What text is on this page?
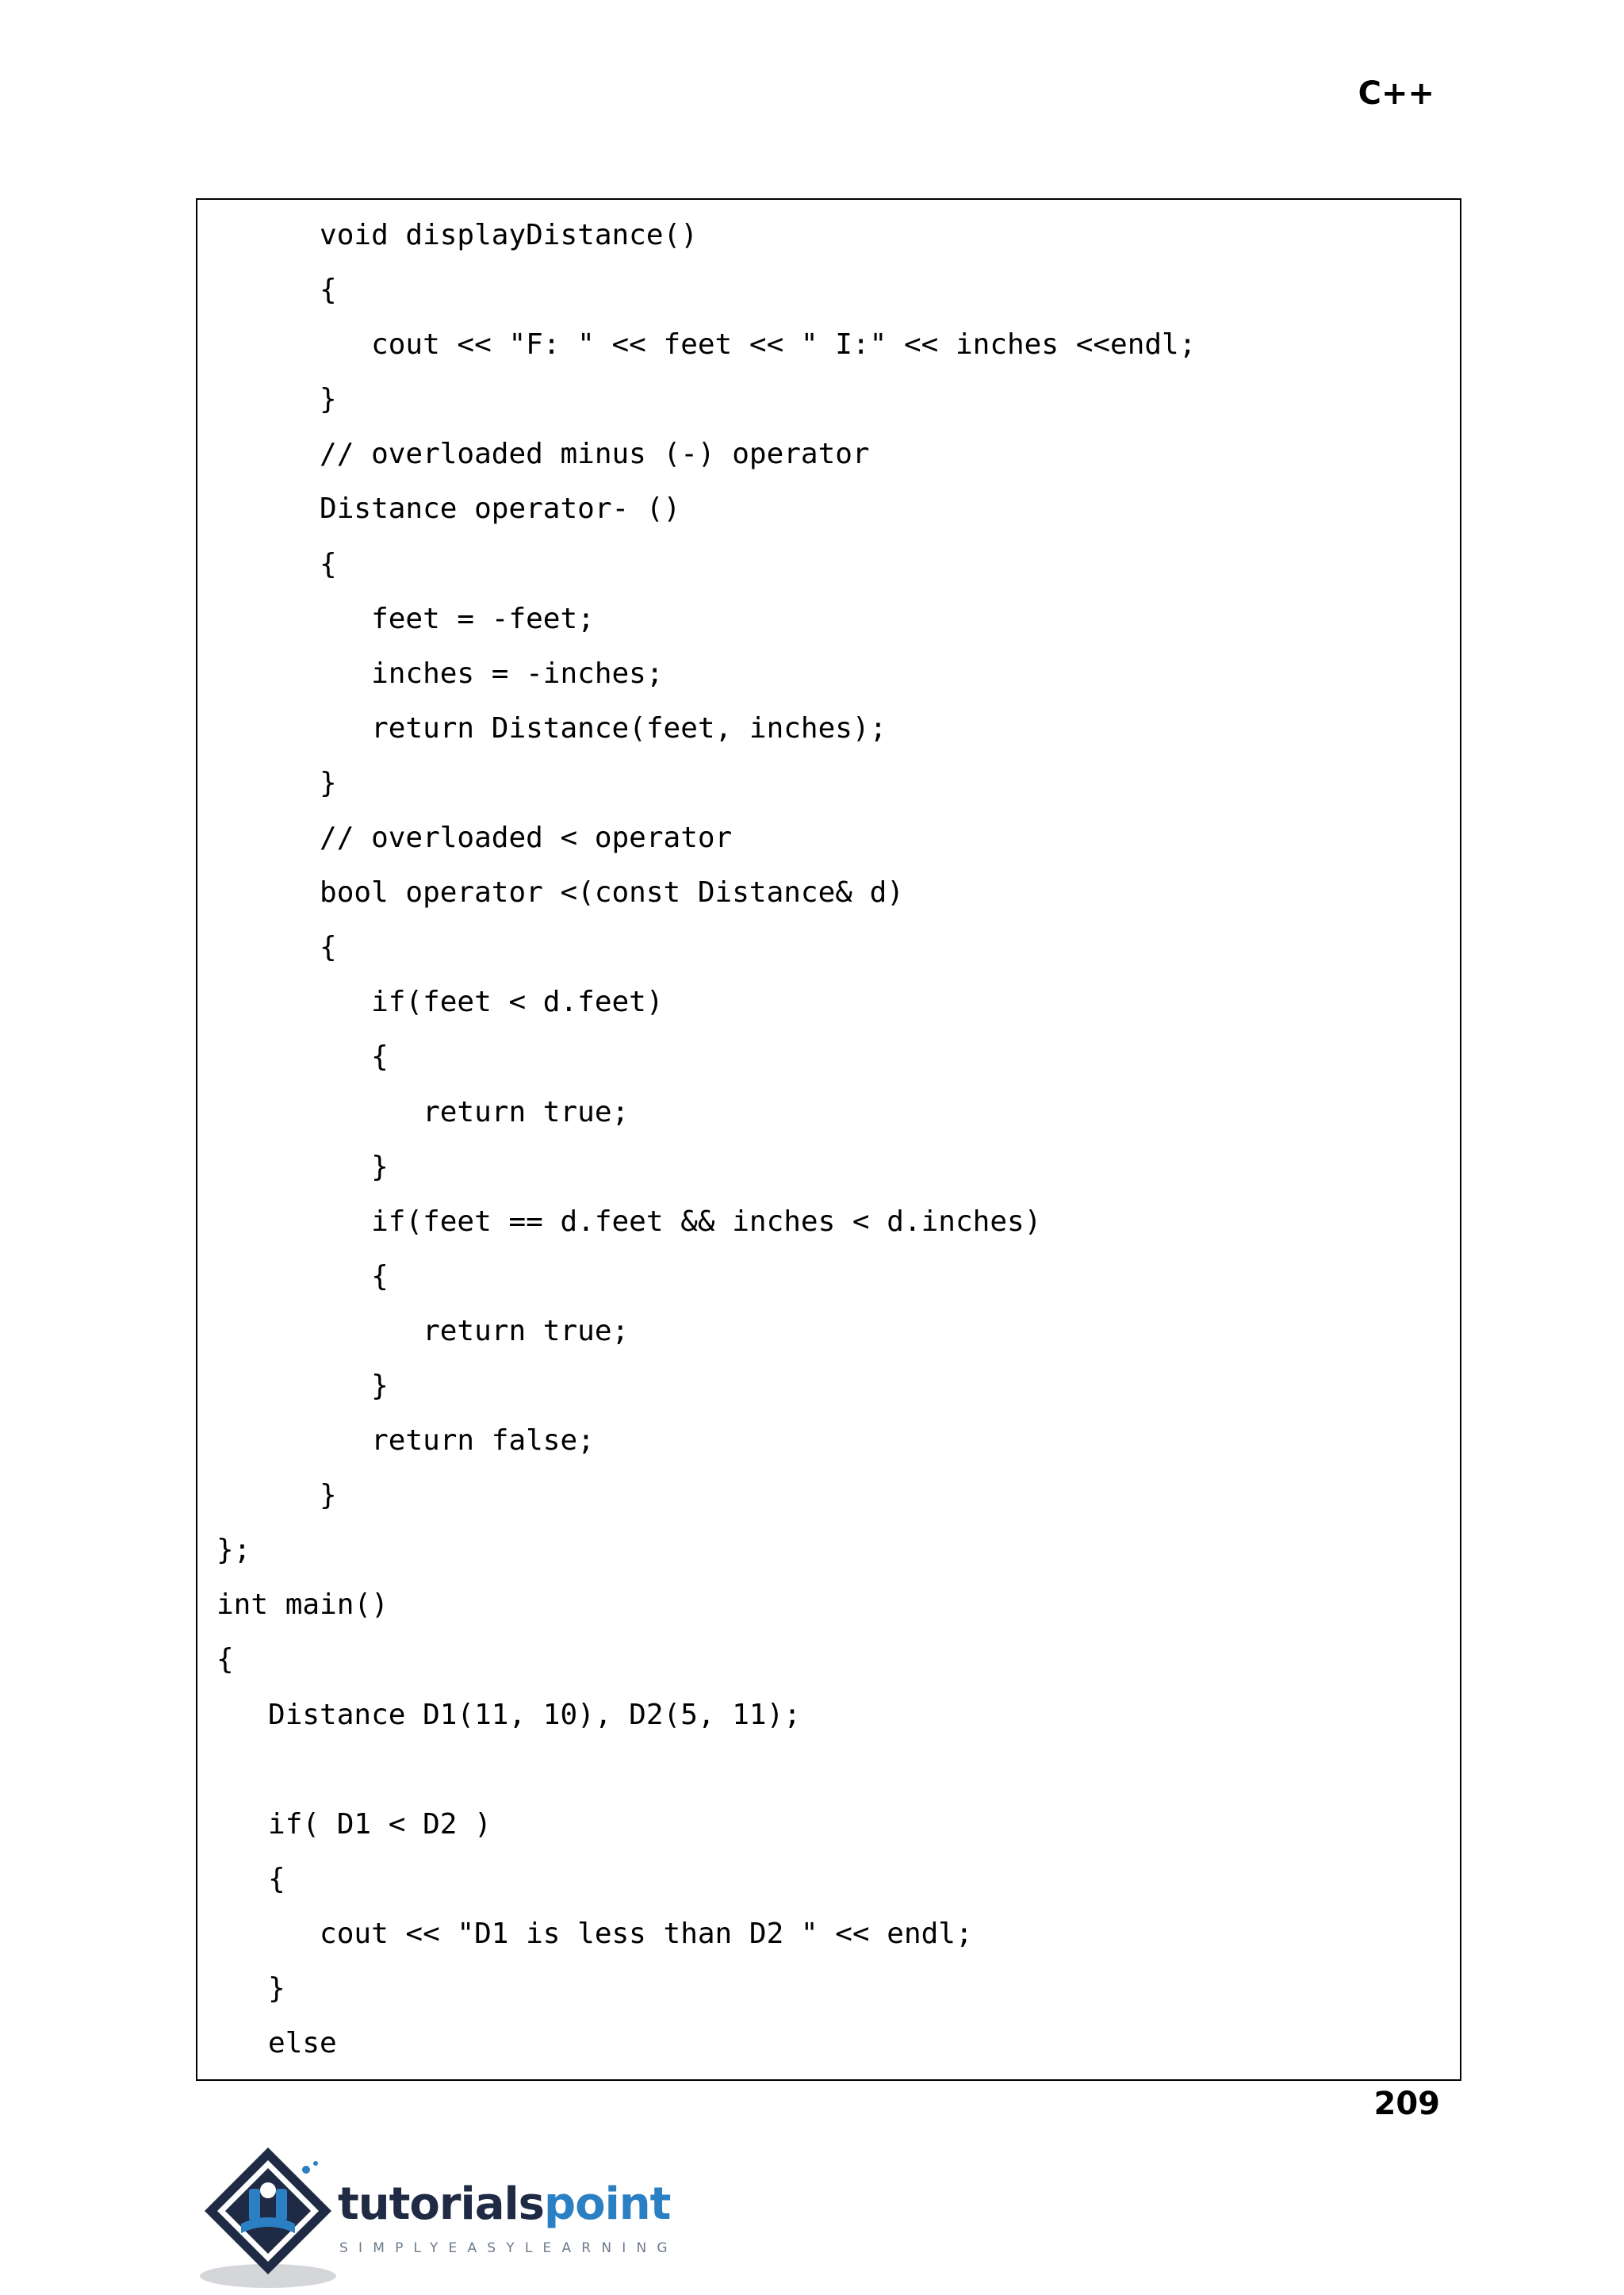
C++
void displayDistance()
{
cout << "F: " << feet << " I:" << inches <<endl;
}
// overloaded minus (-) operator
Distance operator- ()
{
feet = -feet;
inches = -inches;
return Distance(feet, inches);
}
// overloaded < operator
bool operator <(const Distance& d)
{
if(feet < d.feet)
{
return true;
}
if(feet == d.feet && inches < d.inches)
{
return true;
}
return false;
}
};
int main()
{
Distance D1(11, 10), D2(5, 11);
if( D1 < D2 )
{
cout << "D1 is less than D2 " << endl;
}
else
209
tutorialspoint
SIMPLYEASYLEARNING
